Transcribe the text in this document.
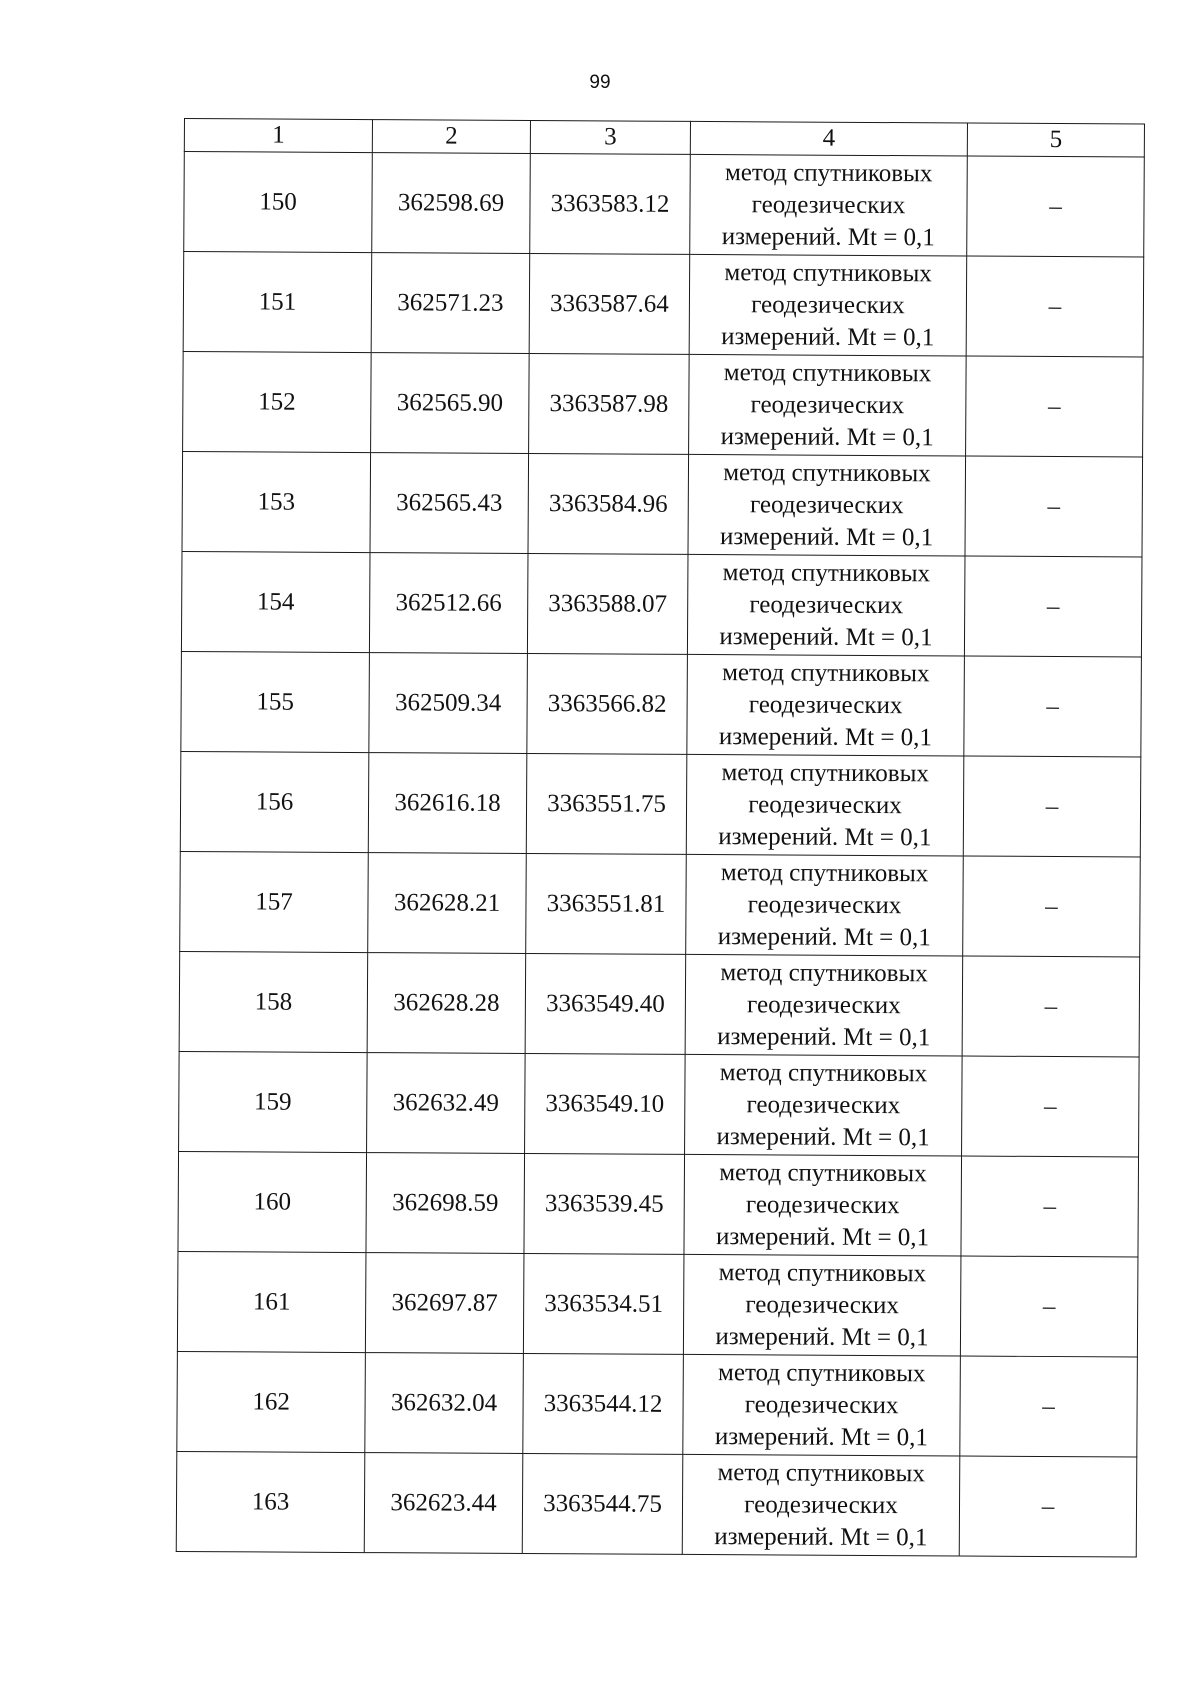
99
1	2	3	4	5
150	362598.69	3363583.12	метод спутниковых
геодезических
измерений. Mt = 0,1	–
151	362571.23	3363587.64	метод спутниковых
геодезических
измерений. Mt = 0,1	–
152	362565.90	3363587.98	метод спутниковых
геодезических
измерений. Mt = 0,1	–
153	362565.43	3363584.96	метод спутниковых
геодезических
измерений. Mt = 0,1	–
154	362512.66	3363588.07	метод спутниковых
геодезических
измерений. Mt = 0,1	–
155	362509.34	3363566.82	метод спутниковых
геодезических
измерений. Mt = 0,1	–
156	362616.18	3363551.75	метод спутниковых
геодезических
измерений. Mt = 0,1	–
157	362628.21	3363551.81	метод спутниковых
геодезических
измерений. Mt = 0,1	–
158	362628.28	3363549.40	метод спутниковых
геодезических
измерений. Mt = 0,1	–
159	362632.49	3363549.10	метод спутниковых
геодезических
измерений. Mt = 0,1	–
160	362698.59	3363539.45	метод спутниковых
геодезических
измерений. Mt = 0,1	–
161	362697.87	3363534.51	метод спутниковых
геодезических
измерений. Mt = 0,1	–
162	362632.04	3363544.12	метод спутниковых
геодезических
измерений. Mt = 0,1	–
163	362623.44	3363544.75	метод спутниковых
геодезических
измерений. Mt = 0,1	–
